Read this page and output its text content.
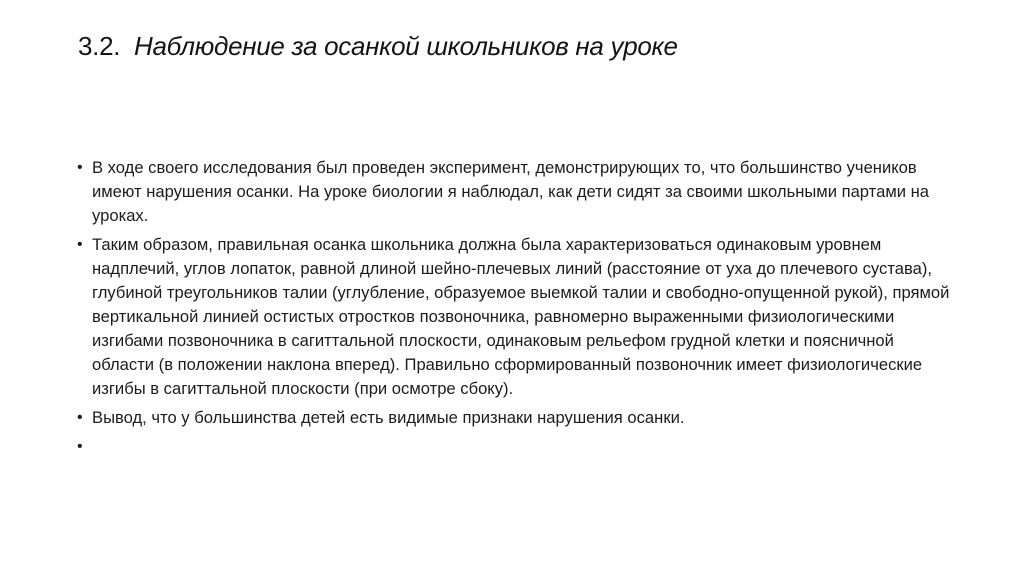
3.2. Наблюдение за осанкой школьников на уроке
• В ходе своего исследования был проведен эксперимент, демонстрирующих то, что большинство учеников имеют нарушения осанки. На уроке биологии я наблюдал, как дети сидят за своими школьными партами на уроках.
• Таким образом, правильная осанка школьника должна была характеризоваться одинаковым уровнем надплечий, углов лопаток, равной длиной шейно-плечевых линий (расстояние от уха до плечевого сустава), глубиной треугольников талии (углубление, образуемое выемкой талии и свободно-опущенной рукой), прямой вертикальной линией остистых отростков позвоночника, равномерно выраженными физиологическими изгибами позвоночника в сагиттальной плоскости, одинаковым рельефом грудной клетки и поясничной области (в положении наклона вперед). Правильно сформированный позвоночник имеет физиологические изгибы в сагиттальной плоскости (при осмотре сбоку).
• Вывод, что у большинства детей есть видимые признаки нарушения осанки.
•
